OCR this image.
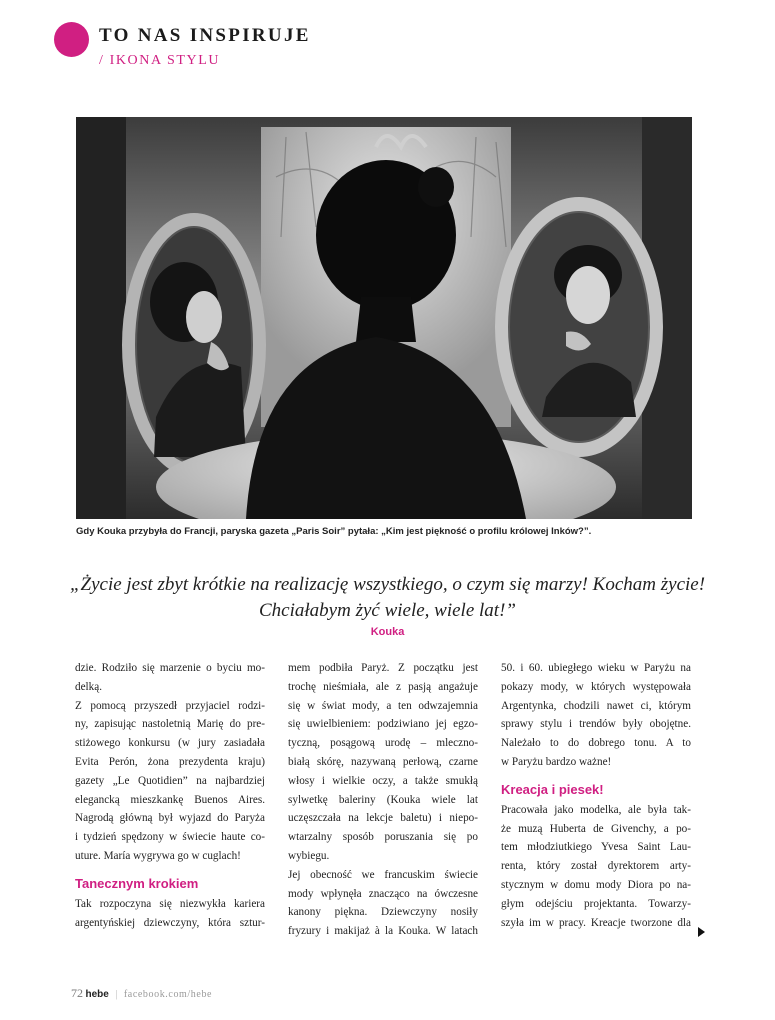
TO NAS INSPIRUJE
/ IKONA STYLU
Gdy Kouka przybyła do Francji, paryska gazeta „Paris Soir” pytała: „Kim jest piękność o profilu królowej Inków?”.
„Życie jest zbyt krótkie na realizację wszystkiego, o czym się marzy! Kocham życie!
Chciałabym żyć wiele, wiele lat!”
Kouka
dzie. Rodziło się marzenie o byciu mo-
delką.
Z pomocą przyszedł przyjaciel rodzi-
ny, zapisując nastoletnią Marię do pre-
stiżowego konkursu (w jury zasiadała
Evita Perón, żona prezydenta kraju)
gazety „Le Quotidien” na najbardziej
elegancką mieszkankę Buenos Aires.
Nagrodą główną był wyjazd do Paryża
i tydzień spędzony w świecie haute co-
uture. María wygrywa go w cuglach!
Tanecznym krokiem
Tak rozpoczyna się niezwykła kariera
argentyńskiej dziewczyny, która sztur-
mem podbiła Paryż. Z początku jest
trochę nieśmiała, ale z pasją angażuje
się w świat mody, a ten odwzajemnia
się uwielbieniem: podziwiano jej egzo-
tyczną, posągową urodę – mleczno-
białą skórę, nazywaną perłową, czarne
włosy i wielkie oczy, a także smukłą
sylwetkę baleriny (Kouka wiele lat
uczęszczała na lekcje baletu) i niepo-
wtarzalny sposób poruszania się po
wybiegu.
Jej obecność we francuskim świecie
mody wpłynęła znacząco na ówczesne
kanony piękna. Dziewczyny nosiły
fryzury i makijaż à la Kouka. W latach
50. i 60. ubiegłego wieku w Paryżu na
pokazy mody, w których występowała
Argentynka, chodzili nawet ci, którym
sprawy stylu i trendów były obojętne.
Należało to do dobrego tonu. A to
w Paryżu bardzo ważne!
Kreacja i piesek!
Pracowała jako modelka, ale była tak-
że muzą Huberta de Givenchy, a po-
tem młodziutkiego Yvesa Saint Lau-
renta, który został dyrektorem arty-
stycznym w domu mody Diora po na-
głym odejściu projektanta. Towarzy-
szyła im w pracy. Kreacje tworzone dla
72 hebe | facebook.com/hebe
